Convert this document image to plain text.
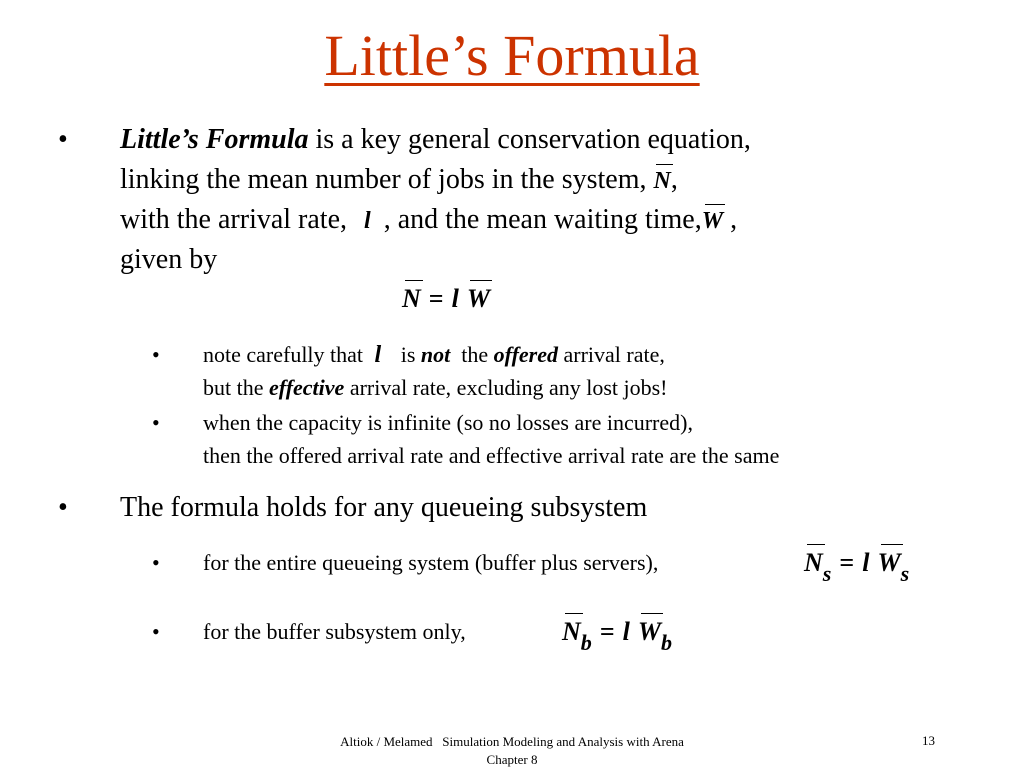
Little’s Formula
• Little’s Formula is a key general conservation equation,
linking the mean number of jobs in the system, N,
with the arrival rate, l , and the mean waiting time,W ,
given by
N = l W
• note carefully that l is not the offered arrival rate,
but the effective arrival rate, excluding any lost jobs!
• when the capacity is infinite (so no losses are incurred),
then the offered arrival rate and effective arrival rate are the same
• The formula holds for any queueing subsystem
• for the entire queueing system (buffer plus servers),	Ns = l Ws
• for the buffer subsystem only,	Nb = l Wb
Altiok / Melamed   Simulation Modeling and Analysis with Arena
Chapter 8
13
